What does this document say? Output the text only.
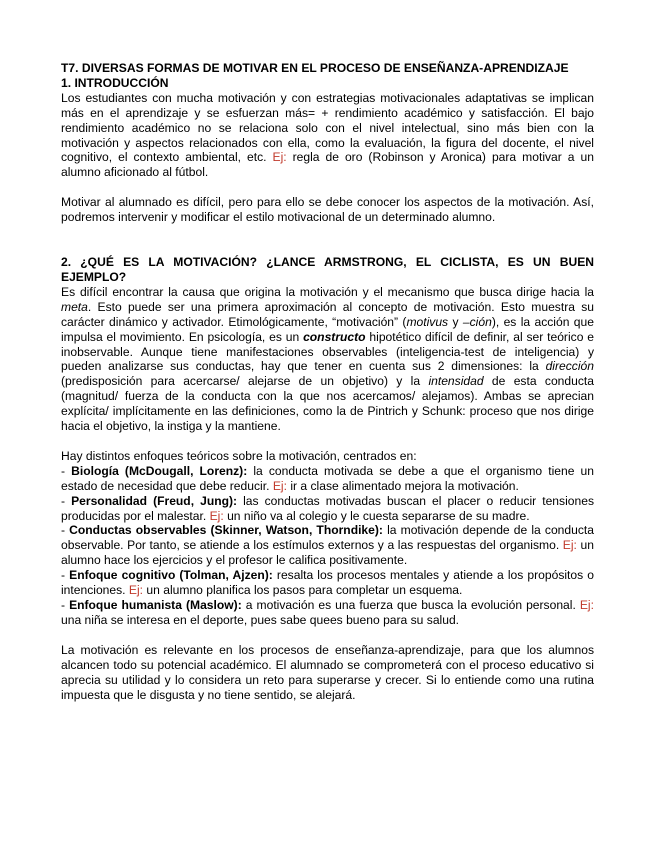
T7. DIVERSAS FORMAS DE MOTIVAR EN EL PROCESO DE ENSEÑANZA-APRENDIZAJE

1. INTRODUCCIÓN

Los estudiantes con mucha motivación y con estrategias motivacionales adaptativas se implican más en el aprendizaje y se esfuerzan más= + rendimiento académico y satisfacción. El bajo rendimiento académico no se relaciona solo con el nivel intelectual, sino más bien con la motivación y aspectos relacionados con ella, como la evaluación, la figura del docente, el nivel cognitivo, el contexto ambiental, etc. Ej: regla de oro (Robinson y Aronica) para motivar a un alumno aficionado al fútbol.

Motivar al alumnado es difícil, pero para ello se debe conocer los aspectos de la motivación. Así, podremos intervenir y modificar el estilo motivacional de un determinado alumno.

2. ¿QUÉ ES LA MOTIVACIÓN? ¿LANCE ARMSTRONG, EL CICLISTA, ES UN BUEN EJEMPLO?

Es difícil encontrar la causa que origina la motivación y el mecanismo que busca dirige hacia la meta. Esto puede ser una primera aproximación al concepto de motivación. Esto muestra su carácter dinámico y activador. Etimológicamente, “motivación” (motivus y –ción), es la acción que impulsa el movimiento. En psicología, es un constructo hipotético difícil de definir, al ser teórico e inobservable. Aunque tiene manifestaciones observables (inteligencia-test de inteligencia) y pueden analizarse sus conductas, hay que tener en cuenta sus 2 dimensiones: la dirección (predisposición para acercarse/ alejarse de un objetivo) y la intensidad de esta conducta (magnitud/ fuerza de la conducta con la que nos acercamos/ alejamos). Ambas se aprecian explícita/ implícitamente en las definiciones, como la de Pintrich y Schunk: proceso que nos dirige hacia el objetivo, la instiga y la mantiene.

Hay distintos enfoques teóricos sobre la motivación, centrados en:

- Biología (McDougall, Lorenz): la conducta motivada se debe a que el organismo tiene un estado de necesidad que debe reducir. Ej: ir a clase alimentado mejora la motivación.

- Personalidad (Freud, Jung): las conductas motivadas buscan el placer o reducir tensiones producidas por el malestar. Ej: un niño va al colegio y le cuesta separarse de su madre.

- Conductas observables (Skinner, Watson, Thorndike): la motivación depende de la conducta observable. Por tanto, se atiende a los estímulos externos y a las respuestas del organismo. Ej: un alumno hace los ejercicios y el profesor le califica positivamente.

- Enfoque cognitivo (Tolman, Ajzen): resalta los procesos mentales y atiende a los propósitos o intenciones. Ej: un alumno planifica los pasos para completar un esquema.

- Enfoque humanista (Maslow): a motivación es una fuerza que busca la evolución personal. Ej: una niña se interesa en el deporte, pues sabe quees bueno para su salud.

La motivación es relevante en los procesos de enseñanza-aprendizaje, para que los alumnos alcancen todo su potencial académico. El alumnado se comprometerá con el proceso educativo si aprecia su utilidad y lo considera un reto para superarse y crecer. Si lo entiende como una rutina impuesta que le disgusta y no tiene sentido, se alejará.
